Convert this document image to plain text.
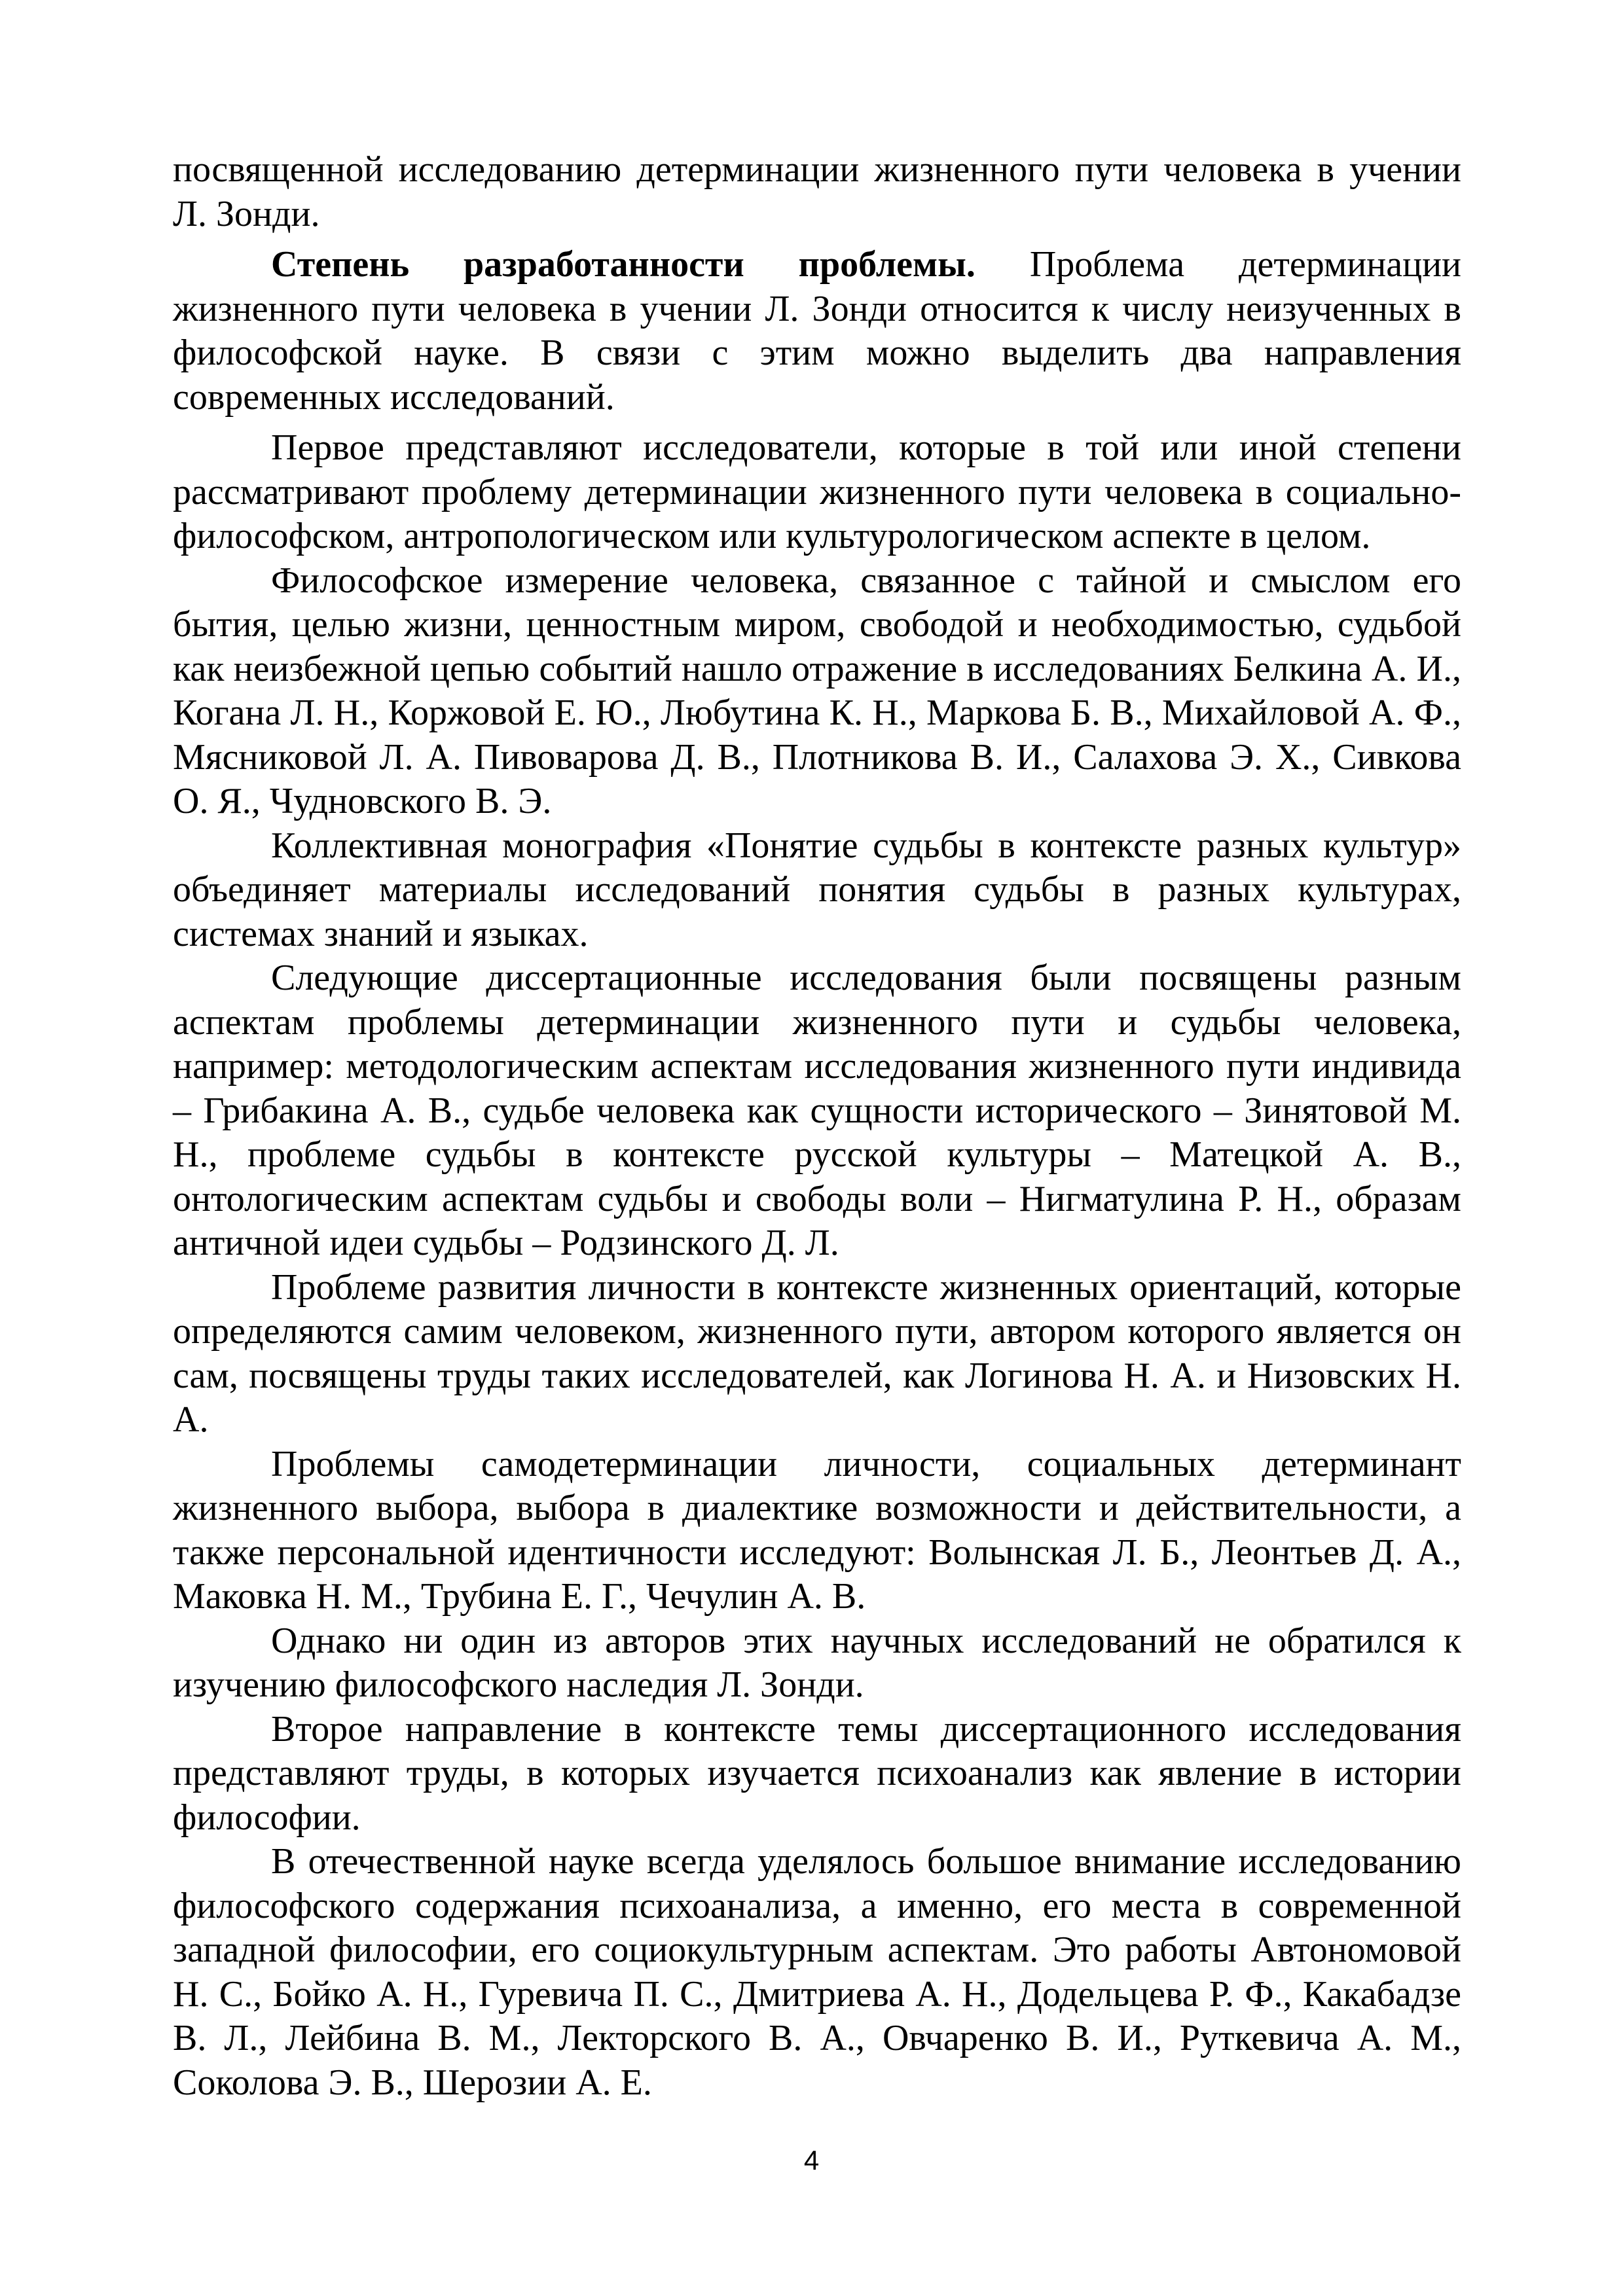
посвященной исследованию детерминации жизненного пути человека в учении Л. Зонди.

Степень разработанности проблемы. Проблема детерминации жизненного пути человека в учении Л. Зонди относится к числу неизученных в философской науке. В связи с этим можно выделить два направления современных исследований.

Первое представляют исследователи, которые в той или иной степени рассматривают проблему детерминации жизненного пути человека в социально-философском, антропологическом или культурологическом аспекте в целом.

Философское измерение человека, связанное с тайной и смыслом его бытия, целью жизни, ценностным миром, свободой и необходимостью, судьбой как неизбежной цепью событий нашло отражение в исследованиях Белкина А. И., Когана Л. Н., Коржовой Е. Ю., Любутина К. Н., Маркова Б. В., Михайловой А. Ф., Мясниковой Л. А. Пивоварова Д. В., Плотникова В. И., Салахова Э. Х., Сивкова О. Я., Чудновского В. Э.

Коллективная монография «Понятие судьбы в контексте разных культур» объединяет материалы исследований понятия судьбы в разных культурах, системах знаний и языках.

Следующие диссертационные исследования были посвящены разным аспектам проблемы детерминации жизненного пути и судьбы человека, например: методологическим аспектам исследования жизненного пути индивида – Грибакина А. В., судьбе человека как сущности исторического – Зинятовой М. Н., проблеме судьбы в контексте русской культуры – Матецкой А. В., онтологическим аспектам судьбы и свободы воли – Нигматулина Р. Н., образам античной идеи судьбы – Родзинского Д. Л.

Проблеме развития личности в контексте жизненных ориентаций, которые определяются самим человеком, жизненного пути, автором которого является он сам, посвящены труды таких исследователей, как Логинова Н. А. и Низовских Н. А.

Проблемы самодетерминации личности, социальных детерминант жизненного выбора, выбора в диалектике возможности и действительности, а также персональной идентичности исследуют: Волынская Л. Б., Леонтьев Д. А., Маковка Н. М., Трубина Е. Г., Чечулин А. В.

Однако ни один из авторов этих научных исследований не обратился к изучению философского наследия Л. Зонди.

Второе направление в контексте темы диссертационного исследования представляют труды, в которых изучается психоанализ как явление в истории философии.

В отечественной науке всегда уделялось большое внимание исследованию философского содержания психоанализа, а именно, его места в современной западной философии, его социокультурным аспектам. Это работы Автономовой Н. С., Бойко А. Н., Гуревича П. С., Дмитриева А. Н., Додельцева Р. Ф., Какабадзе В. Л., Лейбина В. М., Лекторского В. А., Овчаренко В. И., Руткевича А. М., Соколова Э. В., Шерозии А. Е.

4
